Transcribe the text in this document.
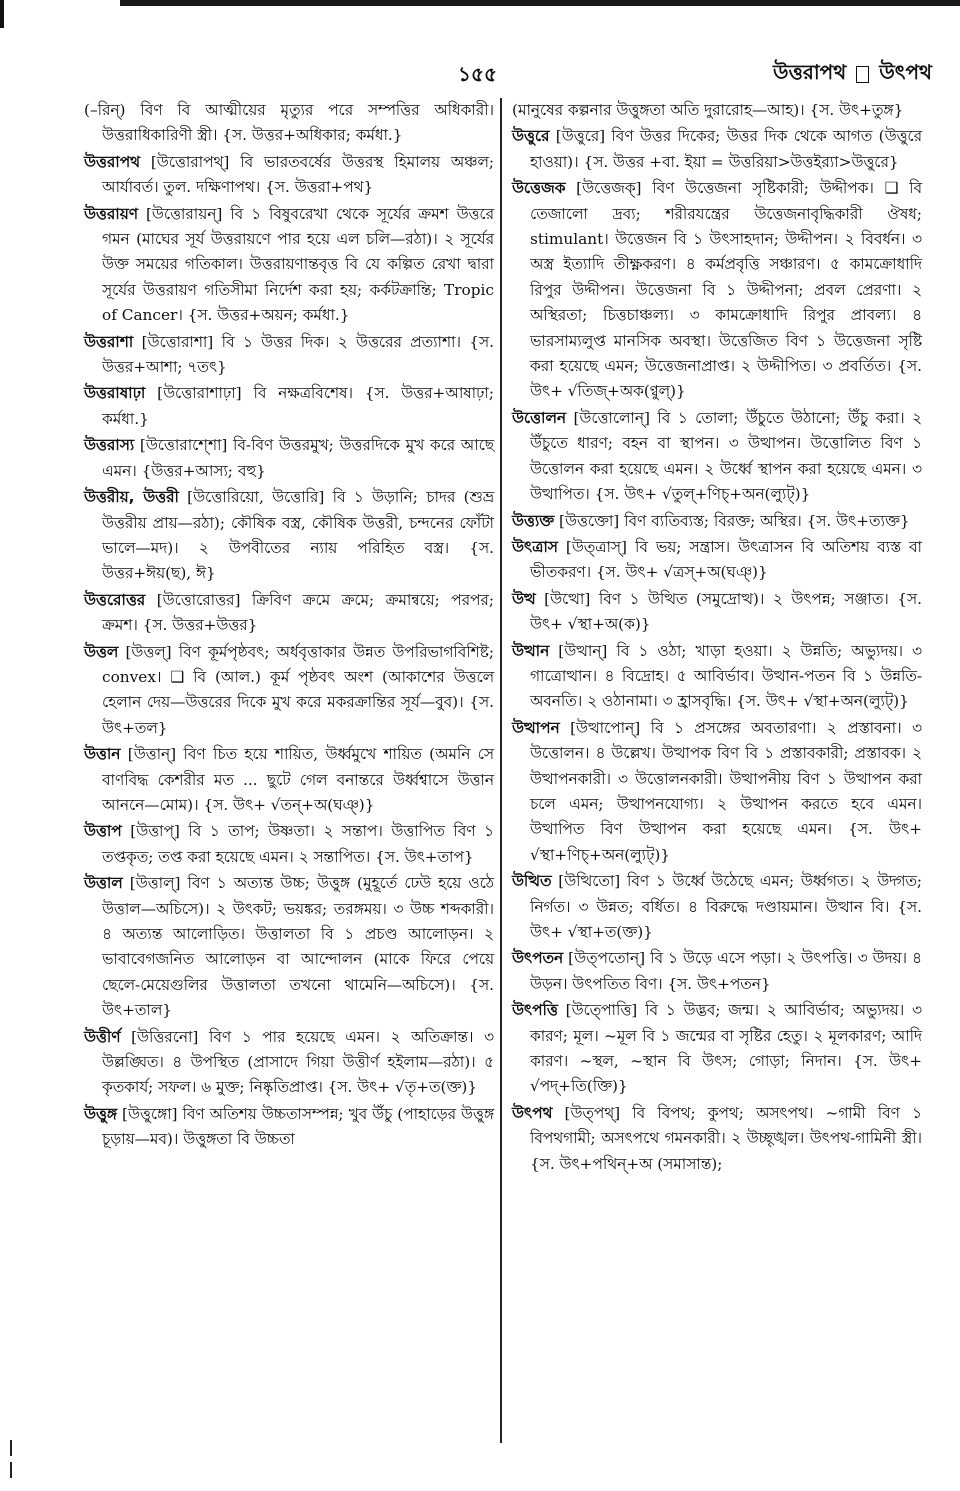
১৫৫	উত্তরাপথ উৎপথ

(–রিন্) বিণ বি আত্মীয়ের মৃত্যুর পরে সম্পত্তির অধিকারী। উত্তরাধিকারিণী স্ত্রী। {স. উত্তর+অধিকার; কর্মধা.}

উত্তরাপথ [উত্তোরাপথ্] বি ভারতবর্ষের উত্তরস্থ হিমালয় অঞ্চল; আর্যাবর্ত। তুল. দক্ষিণাপথ। {স. উত্তরা+পথ}

উত্তরায়ণ [উত্তোরায়ন্] বি ১ বিষুবরেখা থেকে সূর্যের ক্রমশ উত্তরে গমন (মাঘের সূর্য উত্তরায়ণে পার হয়ে এল চলি—রঠা)। ২ সূর্যের উক্ত সময়ের গতিকাল। উত্তরায়ণান্তবৃত্ত বি যে কল্পিত রেখা দ্বারা সূর্যের উত্তরায়ণ গতিসীমা নির্দেশ করা হয়; কর্কটক্রান্তি; Tropic of Cancer। {স. উত্তর+অয়ন; কর্মধা.}

উত্তরাশা [উত্তোরাশা] বি ১ উত্তর দিক। ২ উত্তরের প্রত্যাশা। {স. উত্তর+আশা; ৭তৎ}

উত্তরাষাঢ়া [উত্তোরাশাঢ়া] বি নক্ষত্রবিশেষ। {স. উত্তর+আষাঢ়া; কর্মধা.}

উত্তরাস্য [উত্তোরাশ্শো] বি-বিণ উত্তরমুখ; উত্তরদিকে মুখ করে আছে এমন। {উত্তর+আস্য; বহু}

উত্তরীয়, উত্তরী [উত্তোরিয়ো, উত্তোরি] বি ১ উড়ানি; চাদর (শুভ্র উত্তরীয় প্রায়—রঠা); কৌষিক বস্ত্র, কৌষিক উত্তরী, চন্দনের ফোঁটা ভালে—মদ)। ২ উপবীতের ন্যায় পরিহিত বস্ত্র। {স. উত্তর+ঈয়(ছ), ঈ}

উত্তরোত্তর [উত্তোরোত্তর] ক্রিবিণ ক্রমে ক্রমে; ক্রমান্বয়ে; পরপর; ক্রমশ। {স. উত্তর+উত্তর}

উত্তল [উত্তল্] বিণ কূর্মপৃষ্ঠবৎ; অর্ধবৃত্তাকার উন্নত উপরিভাগবিশিষ্ট; convex। ❑ বি (আল.) কূর্ম পৃষ্ঠবৎ অংশ (আকাশের উত্তলে হেলান দেয়—উত্তরের দিকে মুখ করে মকরক্রান্তির সূর্য—বুব)। {স. উৎ+তল}

উত্তান [উত্তান্] বিণ চিত হয়ে শায়িত, উর্ধ্বমুখে শায়িত (অমনি সে বাণবিদ্ধ কেশরীর মত ... ছুটে গেল বনান্তরে উর্ধ্বশ্বাসে উত্তান আননে—মোম)। {স. উৎ+ √তন্+অ(ঘঞ্)}

উত্তাপ [উত্তাপ্] বি ১ তাপ; উষ্ণতা। ২ সন্তাপ। উত্তাপিত বিণ ১ তপ্তকৃত; তপ্ত করা হয়েছে এমন। ২ সন্তাপিত। {স. উৎ+তাপ}

উত্তাল [উত্তাল্] বিণ ১ অত্যন্ত উচ্চ; উত্তুঙ্গ (মুহূর্তে ঢেউ হয়ে ওঠে উত্তাল—অচিসে)। ২ উৎকট; ভয়ঙ্কর; তরঙ্গময়। ৩ উচ্চ শব্দকারী। ৪ অত্যন্ত আলোড়িত। উত্তালতা বি ১ প্রচণ্ড আলোড়ন। ২ ভাবাবেগজনিত আলোড়ন বা আন্দোলন (মাকে ফিরে পেয়ে ছেলে-মেয়েগুলির উত্তালতা তখনো থামেনি—অচিসে)। {স. উৎ+তাল}

উত্তীর্ণ [উত্তিরনো] বিণ ১ পার হয়েছে এমন। ২ অতিক্রান্ত। ৩ উল্লঙ্ঘিত। ৪ উপস্থিত (প্রাসাদে গিয়া উত্তীর্ণ হইলাম—রঠা)। ৫ কৃতকার্য; সফল। ৬ মুক্ত; নিষ্কৃতিপ্রাপ্ত। {স. উৎ+ √তৃ+ত(ক্ত)}

উত্তুঙ্গ [উত্তুঙ্গো] বিণ অতিশয় উচ্চতাসম্পন্ন; খুব উঁচু (পাহাড়ের উত্তুঙ্গ চূড়ায়—মব)। উত্তুঙ্গতা বি উচ্চতা

(মানুষের কল্পনার উত্তুঙ্গতা অতি দুরারোহ—আহ)। {স. উৎ+তুঙ্গ}

উত্তুরে [উত্তুরে] বিণ উত্তর দিকের; উত্তর দিক থেকে আগত (উত্তুরে হাওয়া)। {স. উত্তর +বা. ইয়া = উত্তরিয়া>উত্তইর‍্যা>উত্তুরে}

উত্তেজক [উত্তেজক্] বিণ উত্তেজনা সৃষ্টিকারী; উদ্দীপক। ❑ বি তেজালো দ্রব্য; শরীরযন্ত্রের উত্তেজনাবৃদ্ধিকারী ঔষধ; stimulant। উত্তেজন বি ১ উৎসাহদান; উদ্দীপন। ২ বিবর্ধন। ৩ অস্ত্র ইত্যাদি তীক্ষ্ণকরণ। ৪ কর্মপ্রবৃত্তি সঞ্চারণ। ৫ কামক্রোধাদি রিপুর উদ্দীপন। উত্তেজনা বি ১ উদ্দীপনা; প্রবল প্রেরণা। ২ অস্থিরতা; চিত্তচাঞ্চল্য। ৩ কামক্রোধাদি রিপুর প্রাবল্য। ৪ ভারসাম্যলুপ্ত মানসিক অবস্থা। উত্তেজিত বিণ ১ উত্তেজনা সৃষ্টি করা হয়েছে এমন; উত্তেজনাপ্রাপ্ত। ২ উদ্দীপিত। ৩ প্রবর্তিত। {স. উৎ+ √তিজ্+অক(ণ্বুল্)}

উত্তোলন [উত্তোলোন্] বি ১ তোলা; উঁচুতে উঠানো; উঁচু করা। ২ উঁচুতে ধারণ; বহন বা স্থাপন। ৩ উত্থাপন। উত্তোলিত বিণ ১ উত্তোলন করা হয়েছে এমন। ২ উর্ধ্বে স্থাপন করা হয়েছে এমন। ৩ উত্থাপিত। {স. উৎ+ √তুল্+ণিচ্+অন(ল্যুট্)}

উত্ত্যক্ত [উত্তক্তো] বিণ ব্যতিব্যস্ত; বিরক্ত; অস্থির। {স. উৎ+ত্যক্ত}

উৎত্রাস [উত্ত্রাস্] বি ভয়; সন্ত্রাস। উৎত্রাসন বি অতিশয় ব্যস্ত বা ভীতকরণ। {স. উৎ+ √ত্রস্+অ(ঘঞ্)}

উত্থ [উত্থো] বিণ ১ উত্থিত (সমুদ্রোত্থ)। ২ উৎপন্ন; সঞ্জাত। {স. উৎ+ √স্থা+অ(ক)}

উত্থান [উত্থান্] বি ১ ওঠা; খাড়া হওয়া। ২ উন্নতি; অভ্যুদয়। ৩ গাত্রোত্থান। ৪ বিদ্রোহ। ৫ আবির্ভাব। উত্থান-পতন বি ১ উন্নতি-অবনতি। ২ ওঠানামা। ৩ হ্রাসবৃদ্ধি। {স. উৎ+ √স্থা+অন(ল্যুট্)}

উত্থাপন [উত্থাপোন্] বি ১ প্রসঙ্গের অবতারণা। ২ প্রস্তাবনা। ৩ উত্তোলন। ৪ উল্লেখ। উত্থাপক বিণ বি ১ প্রস্তাবকারী; প্রস্তাবক। ২ উত্থাপনকারী। ৩ উত্তোলনকারী। উত্থাপনীয় বিণ ১ উত্থাপন করা চলে এমন; উত্থাপনযোগ্য। ২ উত্থাপন করতে হবে এমন। উত্থাপিত বিণ উত্থাপন করা হয়েছে এমন। {স. উৎ+ √স্থা+ণিচ্+অন(ল্যুট্)}

উত্থিত [উত্থিতো] বিণ ১ উর্ধ্বে উঠেছে এমন; উর্ধ্বগত। ২ উদ্গত; নির্গত। ৩ উন্নত; বর্ধিত। ৪ বিরুদ্ধে দণ্ডায়মান। উত্থান বি। {স. উৎ+ √স্থা+ত(ক্ত)}

উৎপতন [উত্পতোন্] বি ১ উড়ে এসে পড়া। ২ উৎপত্তি। ৩ উদয়। ৪ উড়ন। উৎপতিত বিণ। {স. উৎ+পতন}

উৎপত্তি [উত্পোত্তি] বি ১ উদ্ভব; জন্ম। ২ আবির্ভাব; অভ্যুদয়। ৩ কারণ; মূল। ~মূল বি ১ জন্মের বা সৃষ্টির হেতু। ২ মূলকারণ; আদি কারণ। ~স্থল, ~স্থান বি উৎস; গোড়া; নিদান। {স. উৎ+ √পদ্+তি(ক্তি)}

উৎপথ [উত্পথ্] বি বিপথ; কুপথ; অসৎপথ। ~গামী বিণ ১ বিপথগামী; অসৎপথে গমনকারী। ২ উচ্ছৃঙ্খল। উৎপথ-গামিনী স্ত্রী। {স. উৎ+পথিন্+অ (সমাসান্ত);
